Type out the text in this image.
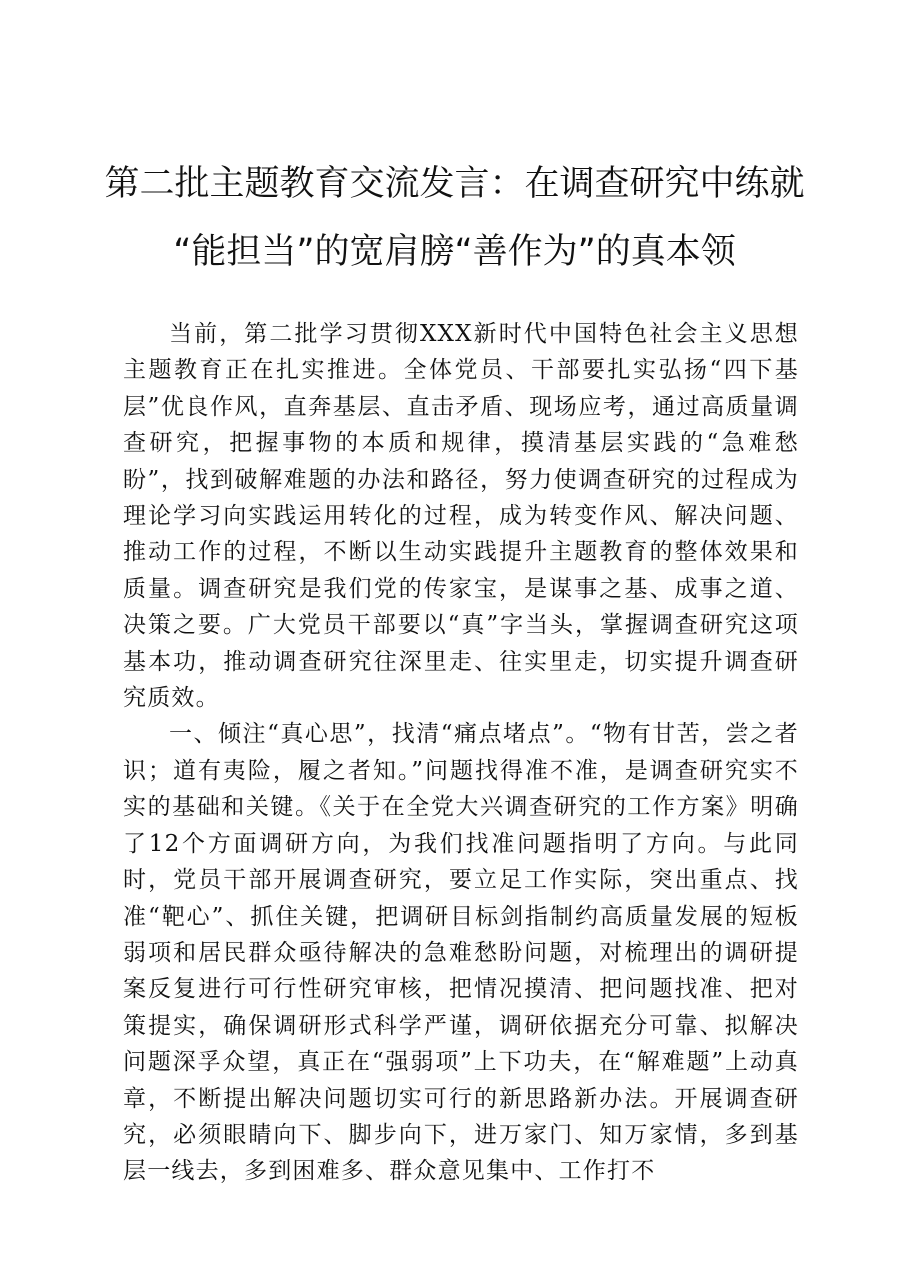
第二批主题教育交流发言：在调查研究中练就
“能担当”的宽肩膀“善作为”的真本领

当前，第二批学习贯彻XXX新时代中国特色社会主义思想主题教育正在扎实推进。全体党员、干部要扎实弘扬“四下基层”优良作风，直奔基层、直击矛盾、现场应考，通过高质量调查研究，把握事物的本质和规律，摸清基层实践的“急难愁盼”，找到破解难题的办法和路径，努力使调查研究的过程成为理论学习向实践运用转化的过程，成为转变作风、解决问题、推动工作的过程，不断以生动实践提升主题教育的整体效果和质量。调查研究是我们党的传家宝，是谋事之基、成事之道、决策之要。广大党员干部要以“真”字当头，掌握调查研究这项基本功，推动调查研究往深里走、往实里走，切实提升调查研究质效。

一、倾注“真心思”，找清“痛点堵点”。“物有甘苦，尝之者识；道有夷险，履之者知。”问题找得准不准，是调查研究实不实的基础和关键。《关于在全党大兴调查研究的工作方案》明确了12个方面调研方向，为我们找准问题指明了方向。与此同时，党员干部开展调查研究，要立足工作实际，突出重点、找准“靶心”、抓住关键，把调研目标剑指制约高质量发展的短板弱项和居民群众亟待解决的急难愁盼问题，对梳理出的调研提案反复进行可行性研究审核，把情况摸清、把问题找准、把对策提实，确保调研形式科学严谨，调研依据充分可靠、拟解决问题深孚众望，真正在“强弱项”上下功夫，在“解难题”上动真章，不断提出解决问题切实可行的新思路新办法。开展调查研究，必须眼睛向下、脚步向下，进万家门、知万家情，多到基层一线去，多到困难多、群众意见集中、工作打不
